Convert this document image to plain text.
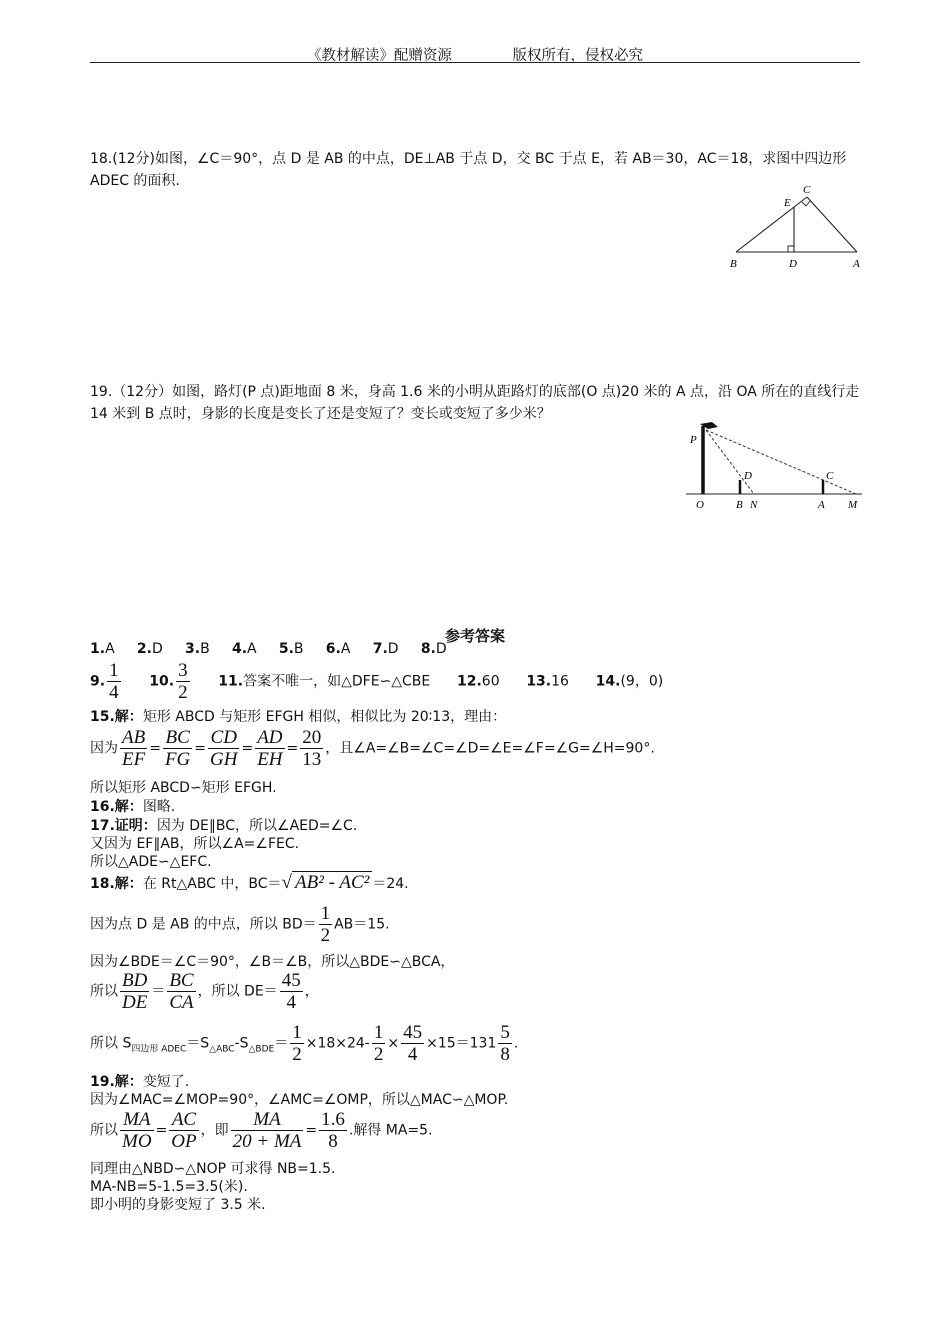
《教材解读》配赠资源	版权所有，侵权必究
18.(12分)如图，∠C＝90°，点 D 是 AB 的中点，DE⊥AB 于点 D，交 BC 于点 E，若 AB＝30，AC＝18，求图中四边形 ADEC 的面积.
B	D	A
E
C
19.（12分）如图，路灯(P 点)距地面 8 米，身高 1.6 米的小明从距路灯的底部(O 点)20 米的 A 点，沿 OA 所在的直线行走 14 米到 B 点时，身影的长度是变长了还是变短了？变长或变短了多少米？
P
D	C
O	B N	A M
参考答案
1.A 2.D 3.B 4.A 5.B 6.A 7.D 8.D
9. $\frac{1}{4} 10$. $\frac{3}{2} 11$.答案不唯一，如△DFE∽△CBE 12.60 13.16 14.(9，0)
15.解：矩形 ABCD 与矩形 EFGH 相似，相似比为 20∶13，理由：
因为 $\frac{AB}{EF} = \frac{BC}{FG} = \frac{CD}{GH} = \frac{AD}{EH} = \frac{20}{13}$ ，且∠A=∠B=∠C=∠D=∠E=∠F=∠G=∠H=90°.
所以矩形 ABCD∽矩形 EFGH.
16.解：图略.
17.证明：因为 DE∥BC，所以∠AED=∠C.
又因为 EF∥AB，所以∠A=∠FEC.
所以△ADE∽△EFC.
18.解：在 Rt△ABC 中，BC＝√ AB² - AC² ＝24.
因为点 D 是 AB 的中点，所以 $BD= \frac{1}{2} AB=15$.
因为∠BDE＝∠C＝90°，∠B＝∠B，所以△BDE∽△BCA，
所以 $\frac{BD}{DE} = \frac{BC}{CA}$ ，所以 $DE= \frac{45}{4}$ ，
所以 $S_{四边形 ADEC}=S_{\triangle ABC}-S_{\triangle BDE}= \frac{1}{2} \times 18\times 24- \frac{1}{2} \times \frac{45}{4} \times 15=131 \frac{5}{8}$ .
19.解：变短了.
因为∠MAC=∠MOP=90°，∠AMC=∠OMP，所以△MAC∽△MOP.
所以 $\frac{MA}{MO} = \frac{AC}{OP}$ ，即 $\frac{MA}{20 + MA} = \frac{1.6}{8}$ .解得 MA=5.
同理由△NBD∽△NOP 可求得 NB=1.5.
MA-NB=5-1.5=3.5(米).
即小明的身影变短了 3.5 米.
